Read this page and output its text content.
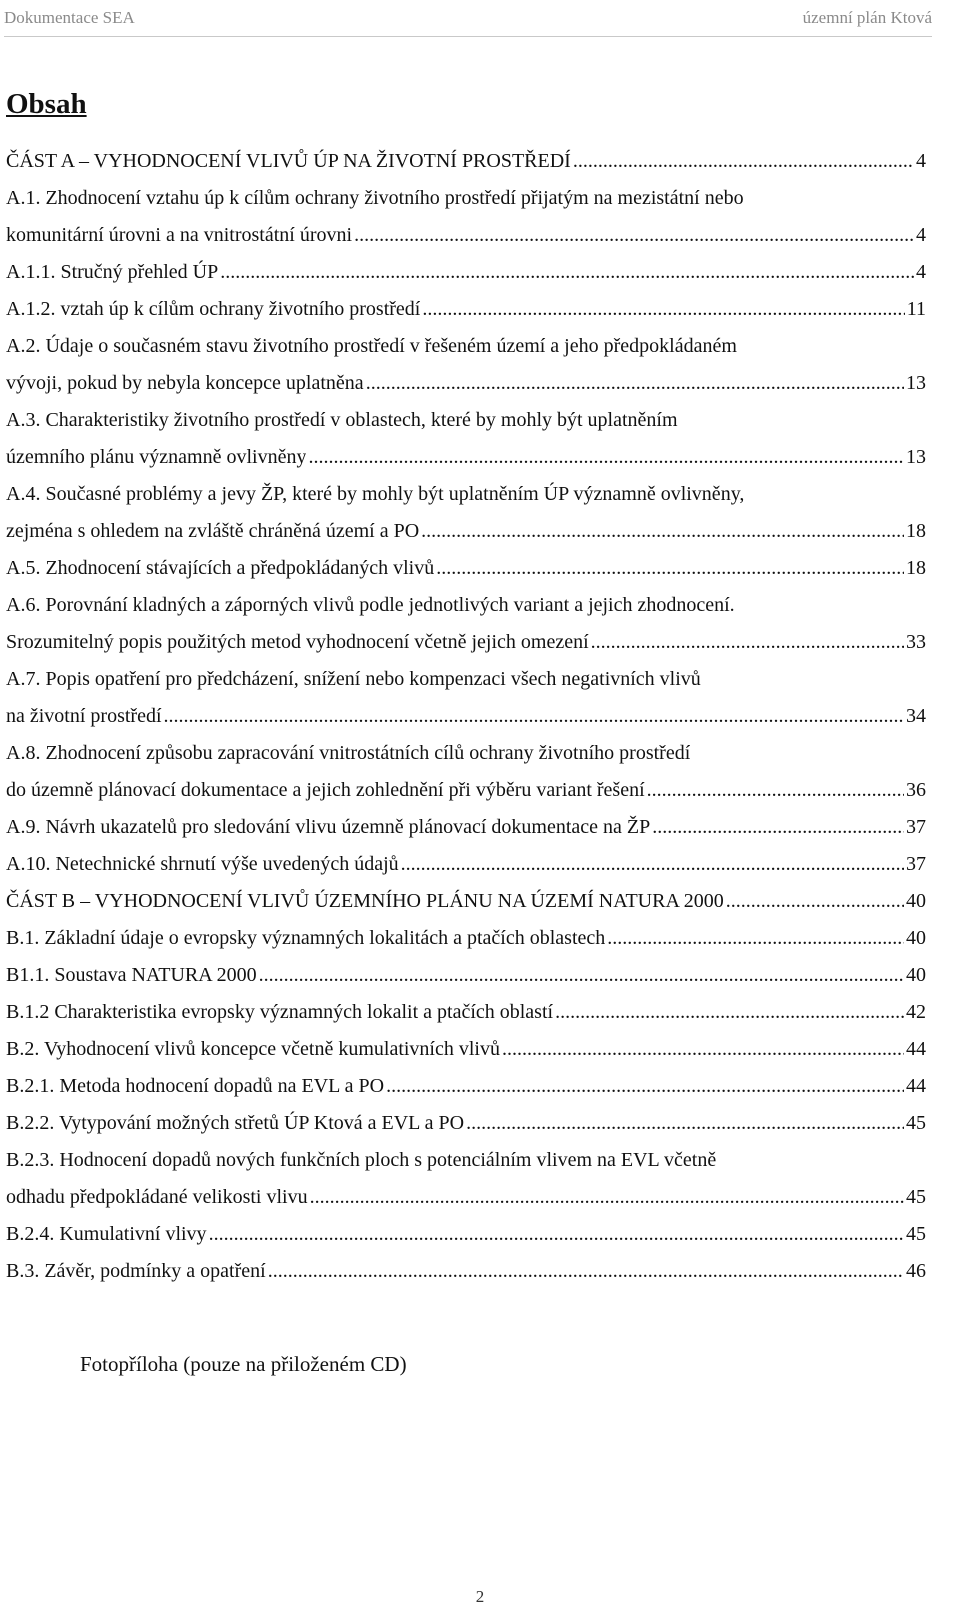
Dokumentace SEA	územní plán Ktová
Obsah
ČÁST A – VYHODNOCENÍ VLIVŮ ÚP NA ŽIVOTNÍ PROSTŘEDÍ .....	4
A.1. Zhodnocení vztahu úp k cílům ochrany životního prostředí přijatým na mezistátní nebo
komunitární úrovni a na vnitrostátní úrovni .....	4
A.1.1. Stručný přehled ÚP .....	4
A.1.2. vztah úp k cílům ochrany životního prostředí .....	11
A.2. Údaje o současném stavu životního prostředí v řešeném území a jeho předpokládaném
vývoji, pokud by nebyla koncepce uplatněna .....	13
A.3. Charakteristiky životního prostředí v oblastech, které by mohly být uplatněním
územního plánu významně ovlivněny .....	13
A.4. Současné problémy a jevy ŽP, které by mohly být uplatněním ÚP významně ovlivněny,
zejména s ohledem na zvláště chráněná území a PO .....	18
A.5. Zhodnocení stávajících a předpokládaných vlivů .....	18
A.6. Porovnání kladných a záporných vlivů podle jednotlivých variant a jejich zhodnocení.
Srozumitelný popis použitých metod vyhodnocení včetně jejich omezení .....	33
A.7. Popis opatření pro předcházení, snížení nebo kompenzaci všech negativních vlivů
na životní prostředí .....	34
A.8. Zhodnocení způsobu zapracování vnitrostátních cílů ochrany životního prostředí
do územně plánovací dokumentace a jejich zohlednění při výběru variant řešení .....	36
A.9. Návrh ukazatelů pro sledování vlivu územně plánovací dokumentace na ŽP .....	37
A.10. Netechnické shrnutí výše uvedených údajů .....	37
ČÁST B – VYHODNOCENÍ VLIVŮ ÚZEMNÍHO PLÁNU NA ÚZEMÍ NATURA 2000 .....	40
B.1. Základní údaje o evropsky významných lokalitách a ptačích oblastech .....	40
B1.1. Soustava NATURA 2000 .....	40
B.1.2 Charakteristika evropsky významných lokalit a ptačích oblastí .....	42
B.2. Vyhodnocení vlivů koncepce včetně kumulativních vlivů .....	44
B.2.1. Metoda hodnocení dopadů na EVL a PO .....	44
B.2.2. Vytypování možných střetů ÚP Ktová a EVL a PO .....	45
B.2.3. Hodnocení dopadů nových funkčních ploch s potenciálním vlivem na EVL včetně
odhadu předpokládané velikosti vlivu .....	45
B.2.4. Kumulativní vlivy .....	45
B.3. Závěr, podmínky a opatření .....	46

Fotopříloha (pouze na přiloženém CD)

2
